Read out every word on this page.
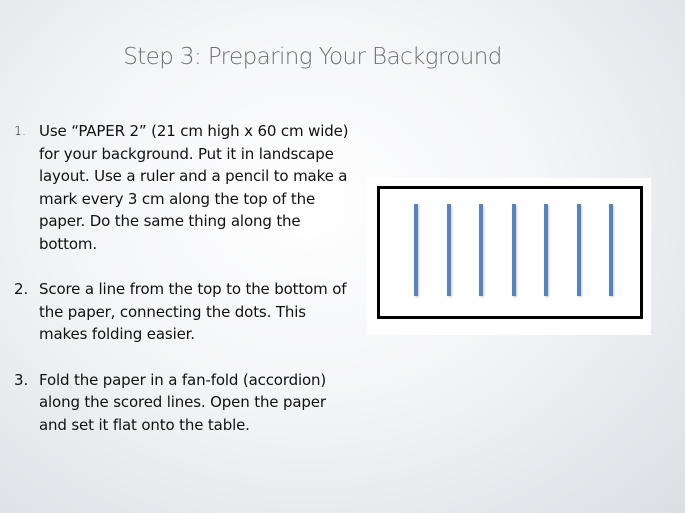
Step 3: Preparing Your Background
1. Use “PAPER 2” (21 cm high x 60 cm wide) for your background. Put it in landscape layout. Use a ruler and a pencil to make a mark every 3 cm along the top of the paper. Do the same thing along the bottom.
2. Score a line from the top to the bottom of the paper, connecting the dots. This makes folding easier.
3. Fold the paper in a fan-fold (accordion) along the scored lines. Open the paper and set it flat onto the table.
